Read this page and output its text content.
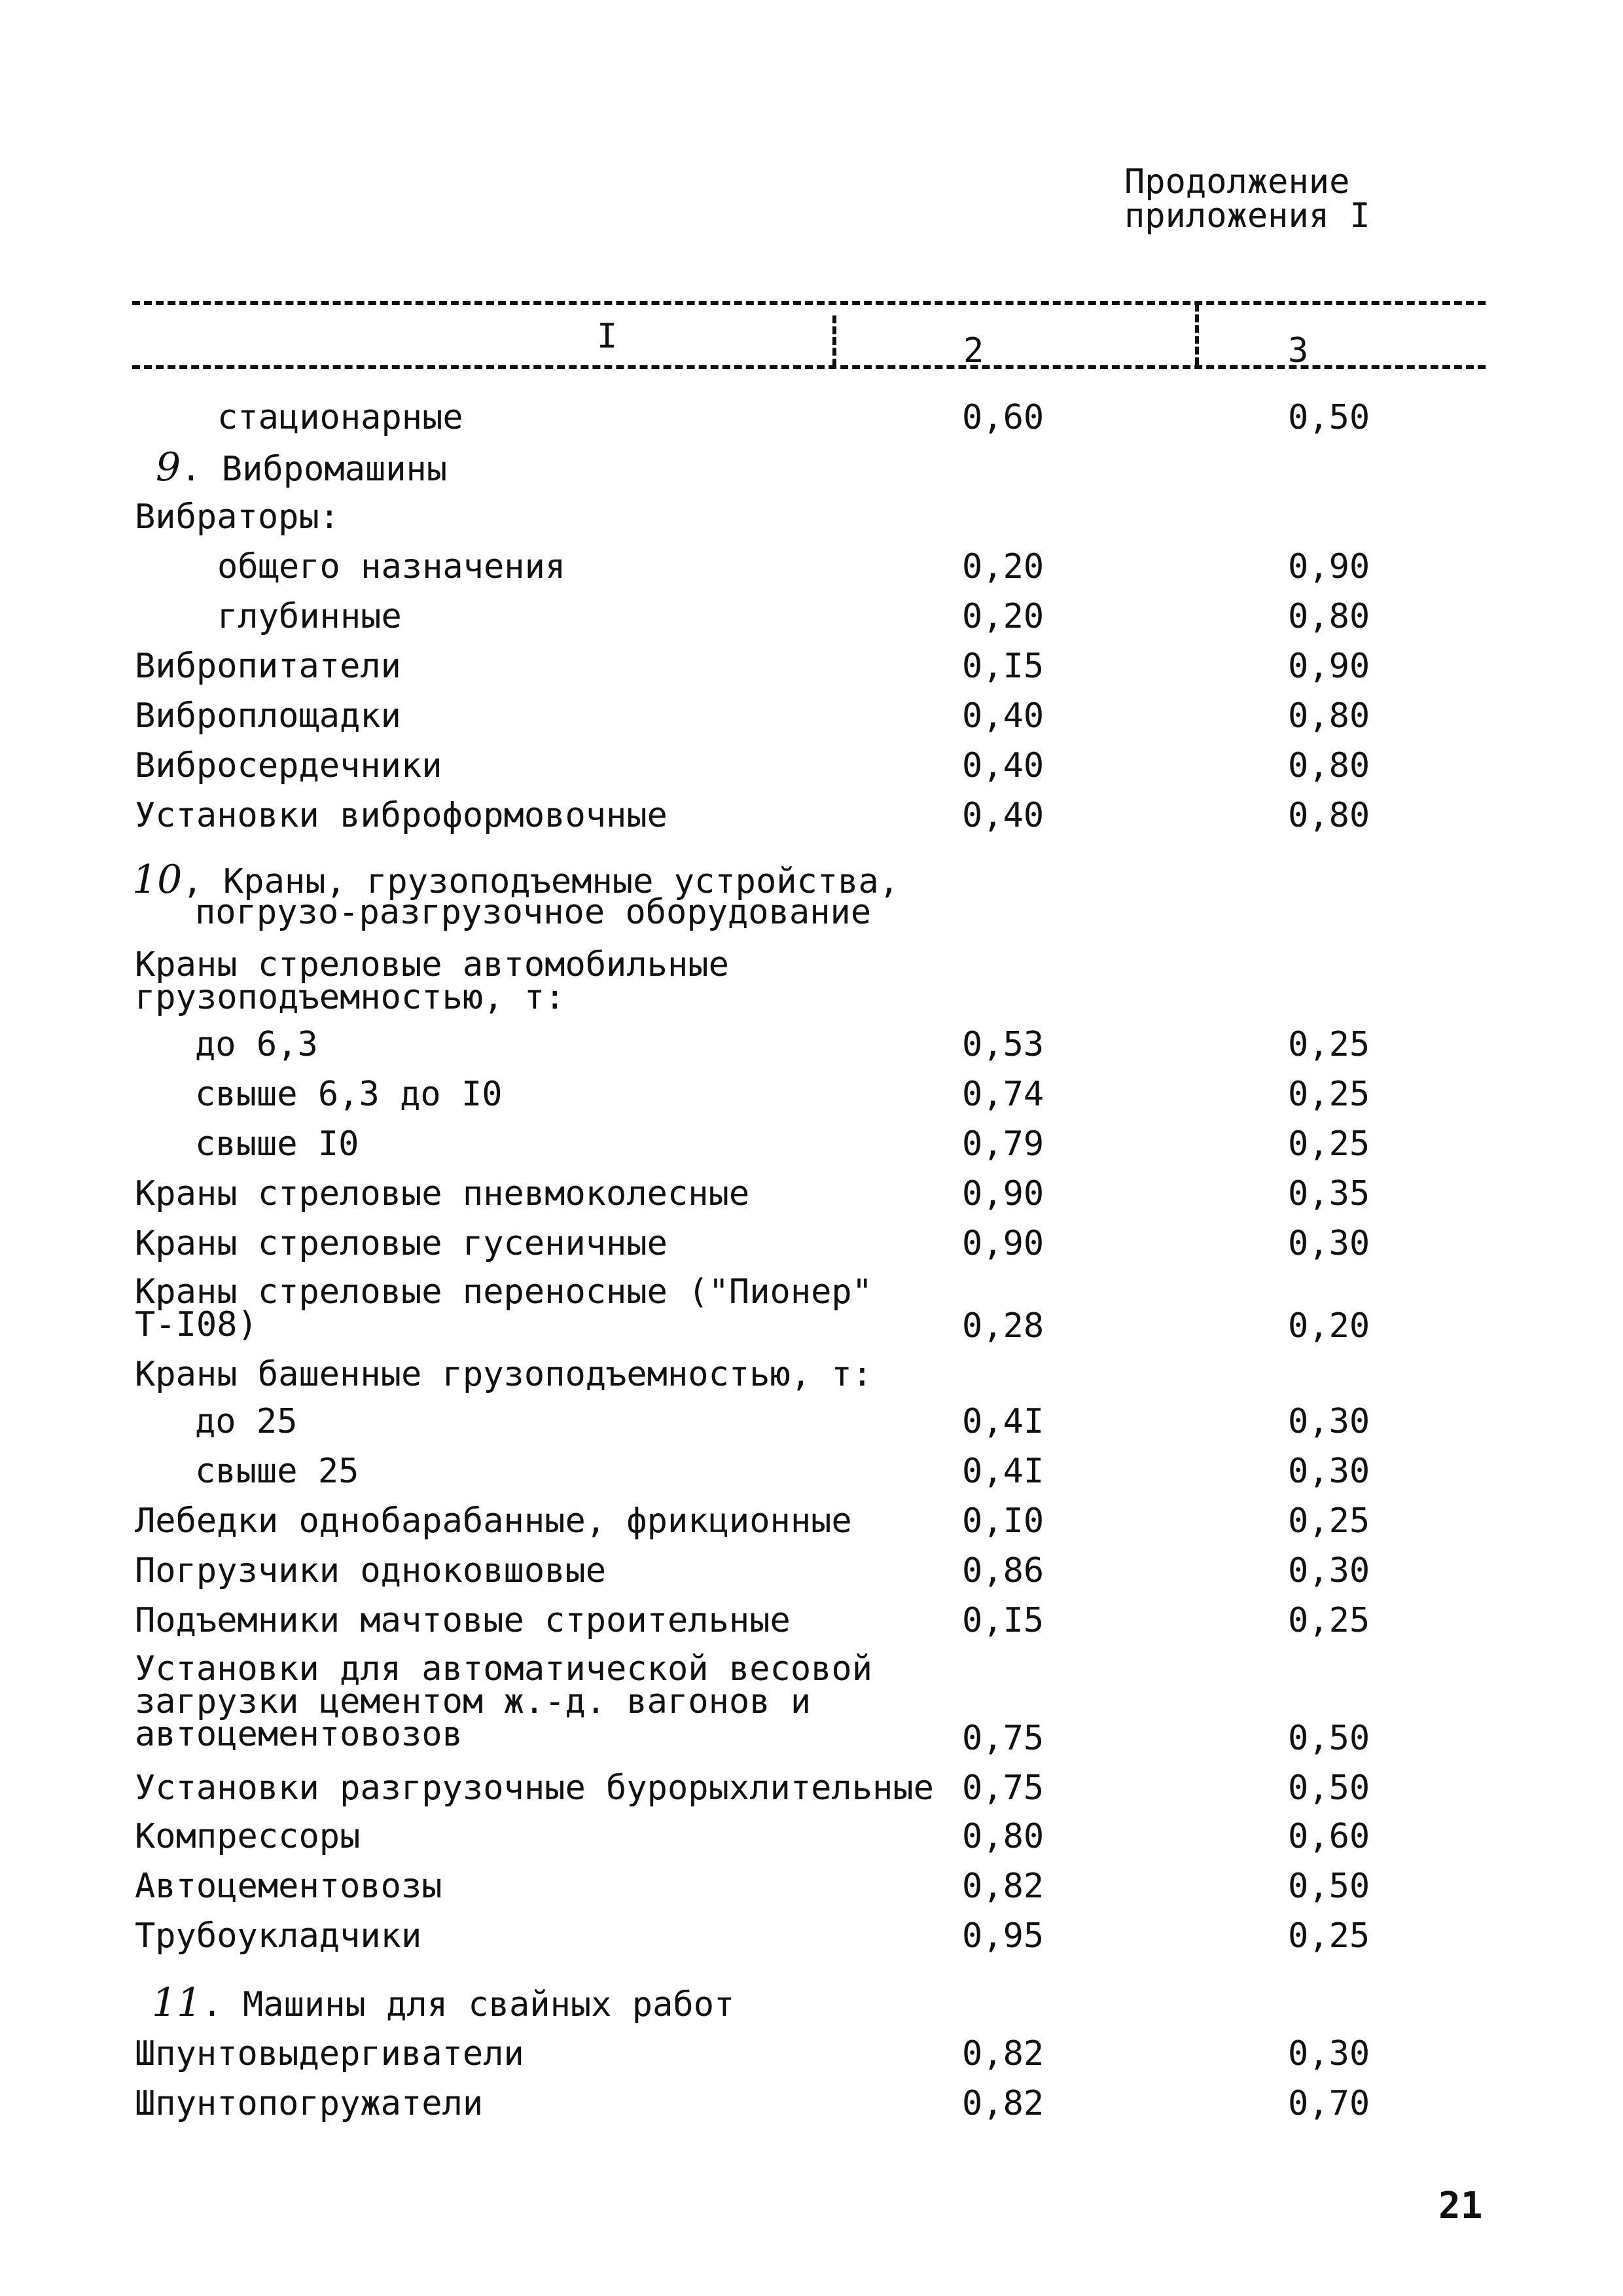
Продолжение
приложения I
I	2	3
стационарные	0,60	0,50
9. Вибромашины
Вибраторы:
общего назначения	0,20	0,90
глубинные	0,20	0,80
Вибропитатели	0,I5	0,90
Виброплощадки	0,40	0,80
Вибросердечники	0,40	0,80
Установки виброформовочные	0,40	0,80
10, Краны, грузоподъемные устройства,
погрузо-разгрузочное оборудование
Краны стреловые автомобильные
грузоподъемностью, т:
до 6,3	0,53	0,25
свыше 6,3 до I0	0,74	0,25
свыше I0	0,79	0,25
Краны стреловые пневмоколесные	0,90	0,35
Краны стреловые гусеничные	0,90	0,30
Краны стреловые переносные ("Пионер"
Т-I08)	0,28	0,20
Краны башенные грузоподъемностью, т:
до 25	0,4I	0,30
свыше 25	0,4I	0,30
Лебедки однобарабанные, фрикционные	0,I0	0,25
Погрузчики одноковшовые	0,86	0,30
Подъемники мачтовые строительные	0,I5	0,25
Установки для автоматической весовой
загрузки цементом ж.-д. вагонов и
автоцементовозов	0,75	0,50
Установки разгрузочные бурорыхлительные 0,75	0,50
Компрессоры	0,80	0,60
Автоцементовозы	0,82	0,50
Трубоукладчики	0,95	0,25
11. Машины для свайных работ
Шпунтовыдергиватели	0,82	0,30
Шпунтопогружатели	0,82	0,70
21
